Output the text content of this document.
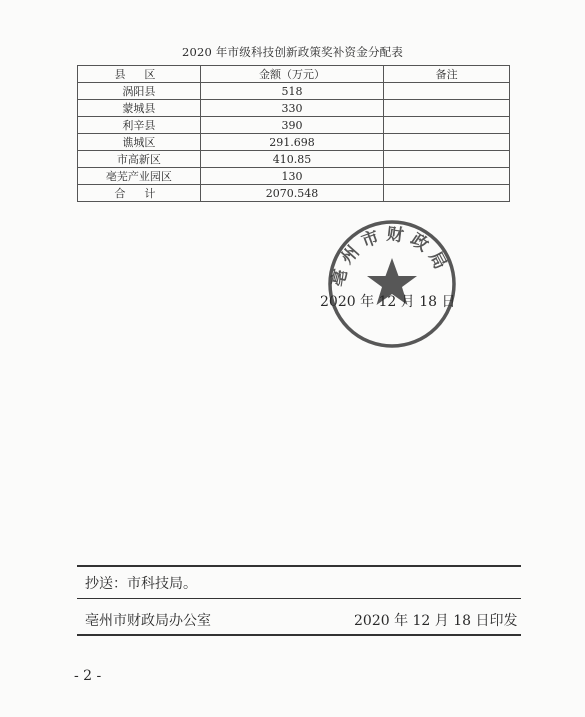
2020 年市级科技创新政策奖补资金分配表
县 区	金额（万元）	备注
涡阳县	518	
蒙城县	330	
利辛县	390	
谯城区	291.698	
市高新区	410.85	
亳芜产业园区	130	
合 计	2070.548	
亳州市财政局
2020 年 12 月 18 日
抄送：市科技局。
亳州市财政局办公室	2020 年 12 月 18 日印发
- 2 -
